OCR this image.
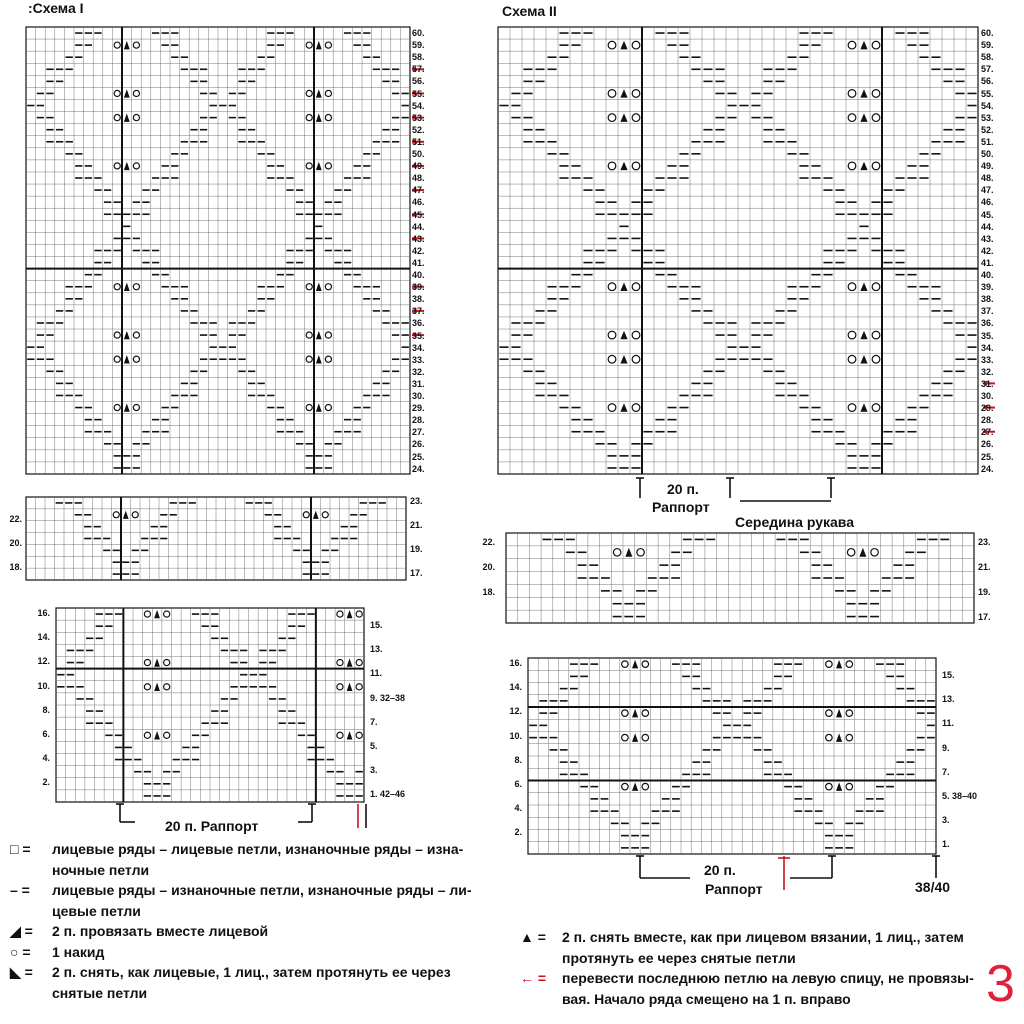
:Схема I	Схема II
60.
59.
58.
57.
56.
55.
54.
53.
52.
51.
50.
49.
48.
47.
46.
45.
44.
43.
42.
41.
40.
39.
38.
37.
36.
35.
34.
33.
32.
31.
30.
29.
28.
27.
26.
25.
24.
60.
59.
58.
57.
56.
55.
54.
53.
52.
51.
50.
49.
48.
47.
46.
45.
44.
43.
42.
41.
40.
39.
38.
37.
36.
35.
34.
33.
32.
31.
30.
29.
28.
27.
26.
25.
24.
22.
20.
18.
23.
21.
19.
17.
22.
20.
18.
23.
21.
19.
17.
16.
14.
12.
10.
8.
6.
4.
2.
15.
13.
11.
9. 32–38
7.
5.
3.
1. 42–46
16.
14.
12.
10.
8.
6.
4.
2.
15.
13.
11.
9.
7.
5. 38–40
3.
1.
20 п. Раппорт
20 п.
Раппорт
Середина рукава
20 п.
Раппорт	38/40
□ = лицевые ряды – лицевые петли, изнаночные ряды – изна-
ночные петли
– = лицевые ряды – изнаночные петли, изнаночные ряды – ли-
цевые петли
◢ = 2 п. провязать вместе лицевой
○ = 1 накид
◣ = 2 п. снять, как лицевые, 1 лиц., затем протянуть ее через
снятые петли
▲ = 2 п. снять вместе, как при лицевом вязании, 1 лиц., затем
протянуть ее через снятые петли
← = перевести последнюю петлю на левую спицу, не провязы-
вая. Начало ряда смещено на 1 п. вправо	3
